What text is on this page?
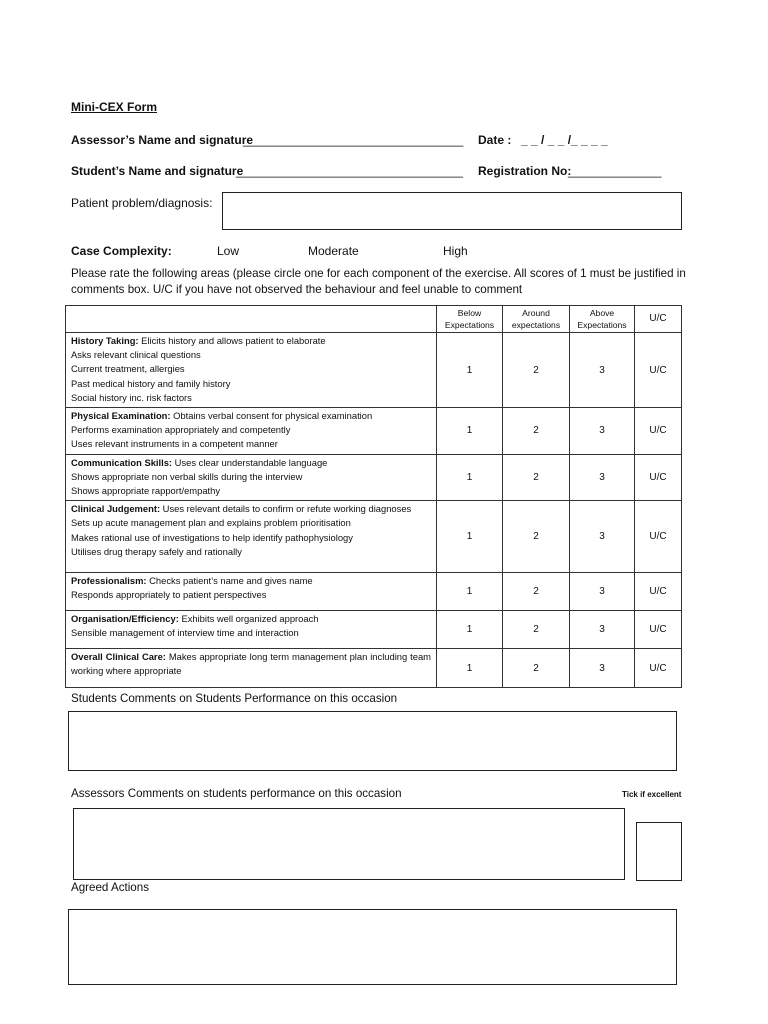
Mini-CEX Form
Assessor’s Name and signature
_________________________________ Date : _ _ / _ _ /_ _ _ _
Student’s Name and signature
__________________________________ Registration No:
______________
Patient problem/diagnosis:
Case Complexity:	Low	Moderate	High
Please rate the following areas (please circle one for each component of the exercise. All scores of 1 must be justified in comments box. U/C if you have not observed the behaviour and feel unable to comment
	Below Expectations	Around expectations	Above Expectations	U/C

History Taking: Elicits history and allows patient to elaborate
Asks relevant clinical questions
Current treatment, allergies
Past medical history and family history
Social history inc. risk factors	1	2	3	U/C

Physical Examination: Obtains verbal consent for physical examination
Performs examination appropriately and competently
Uses relevant instruments in a competent manner	1	2	3	U/C

Communication Skills: Uses clear understandable language
Shows appropriate non verbal skills during the interview
Shows appropriate rapport/empathy	1	2	3	U/C

Clinical Judgement: Uses relevant details to confirm or refute working diagnoses
Sets up acute management plan and explains problem prioritisation
Makes rational use of investigations to help identify pathophysiology
Utilises drug therapy safely and rationally	1	2	3	U/C

Professionalism: Checks patient’s name and gives name
Responds appropriately to patient perspectives	1	2	3	U/C

Organisation/Efficiency: Exhibits well organized approach
Sensible management of interview time and interaction	1	2	3	U/C

Overall Clinical Care: Makes appropriate long term management plan including team working where appropriate	1	2	3	U/C
Students Comments on Students Performance on this occasion
Assessors Comments on students performance on this occasion	Tick if excellent
Agreed Actions
